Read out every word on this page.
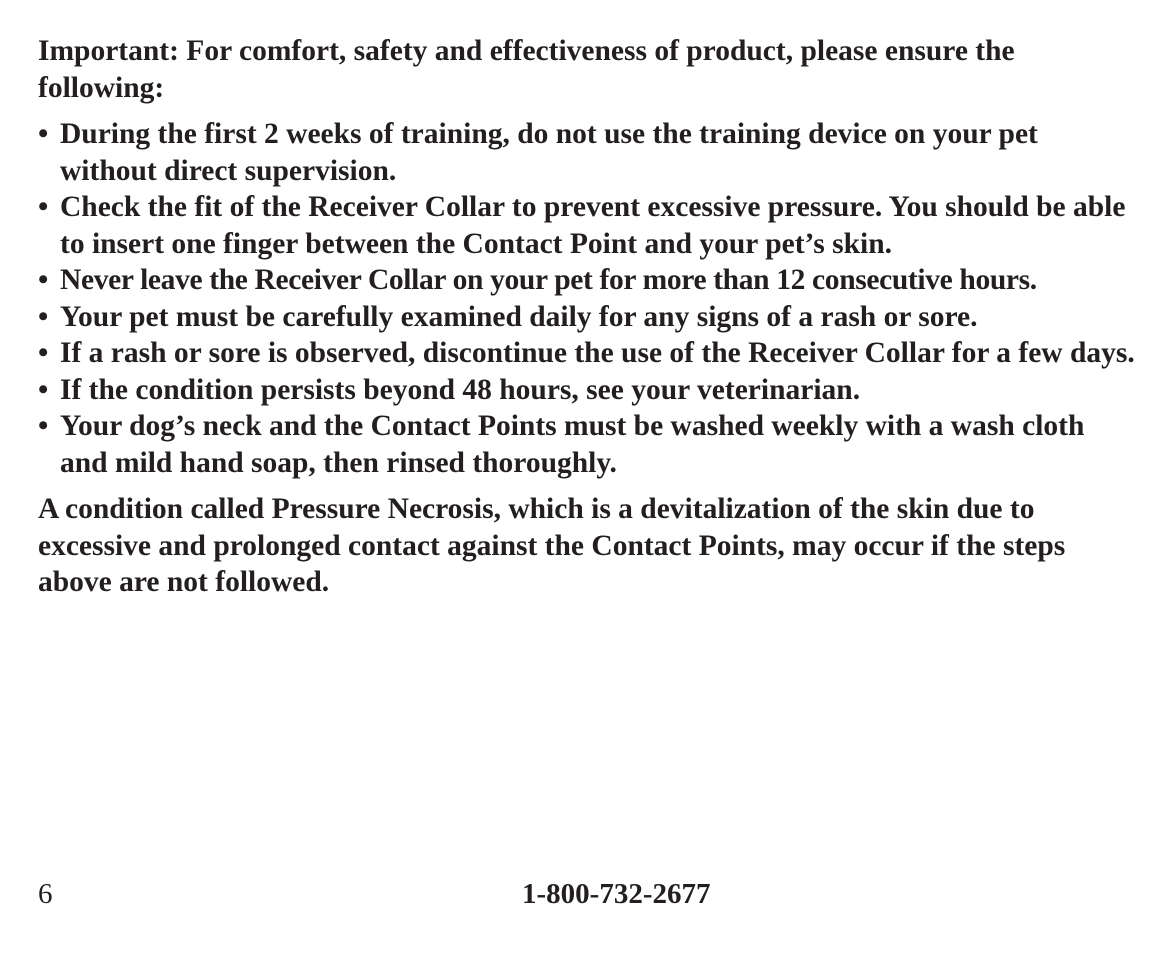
Important: For comfort, safety and effectiveness of product, please ensure the following:

• During the first 2 weeks of training, do not use the training device on your pet without direct supervision.
• Check the fit of the Receiver Collar to prevent excessive pressure. You should be able to insert one finger between the Contact Point and your pet’s skin.
• Never leave the Receiver Collar on your pet for more than 12 consecutive hours.
• Your pet must be carefully examined daily for any signs of a rash or sore.
• If a rash or sore is observed, discontinue the use of the Receiver Collar for a few days.
• If the condition persists beyond 48 hours, see your veterinarian.
• Your dog’s neck and the Contact Points must be washed weekly with a wash cloth and mild hand soap, then rinsed thoroughly.

A condition called Pressure Necrosis, which is a devitalization of the skin due to excessive and prolonged contact against the Contact Points, may occur if the steps above are not followed.

6	1-800-732-2677
